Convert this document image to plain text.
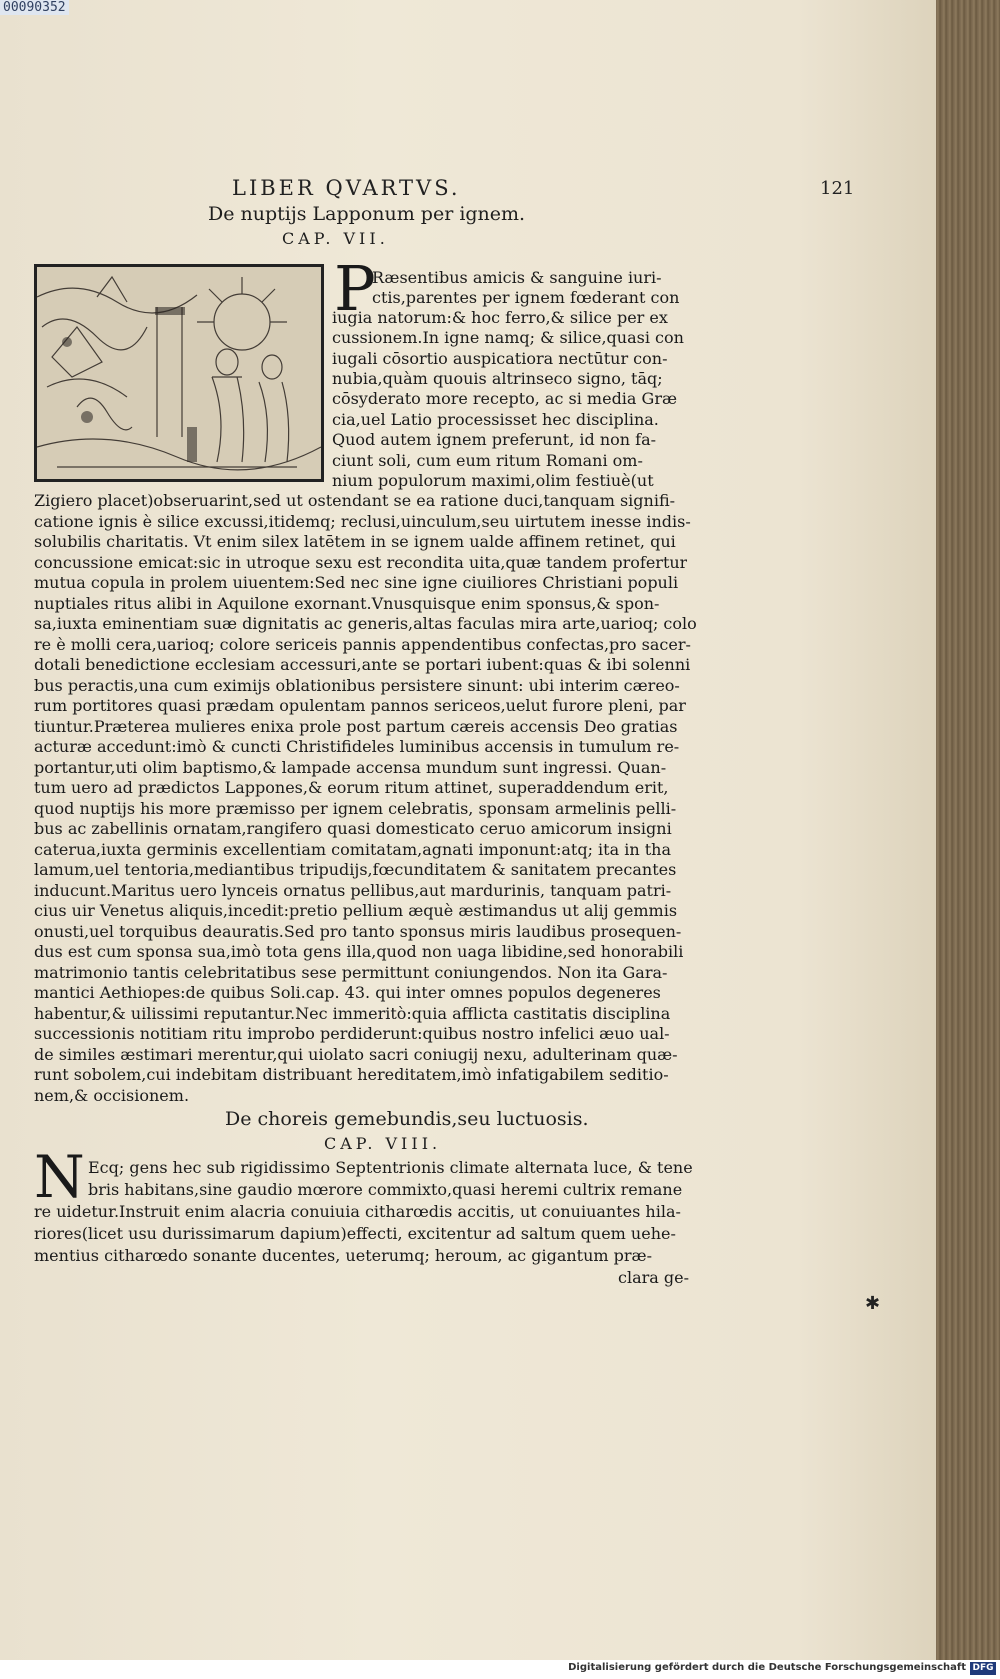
00090352
LIBER QVARTVS.	121
De nuptijs Lapponum per ignem.
CAP. VII.
P
Ræsentibus amicis & sanguine iuri-
ctis,parentes per ignem fœderant con
iugia natorum:& hoc ferro,& silice per ex
cussionem.In igne namq; & silice,quasi con
iugali cōsortio auspicatiora nectūtur con-
nubia,quàm quouis altrinseco signo, tāq;
cōsyderato more recepto, ac si media Græ
cia,uel Latio processisset hec disciplina.
Quod autem ignem preferunt, id non fa-
ciunt soli, cum eum ritum Romani om-
nium populorum maximi,olim festiuè(ut
Zigiero placet)obseruarint,sed ut ostendant se ea ratione duci,tanquam signifi-
catione ignis è silice excussi,itidemq; reclusi,uinculum,seu uirtutem inesse indis-
solubilis charitatis. Vt enim silex latētem in se ignem ualde affinem retinet, qui
concussione emicat:sic in utroque sexu est recondita uita,quæ tandem profertur
mutua copula in prolem uiuentem:Sed nec sine igne ciuiliores Christiani populi
nuptiales ritus alibi in Aquilone exornant.Vnusquisque enim sponsus,& spon-
sa,iuxta eminentiam suæ dignitatis ac generis,altas faculas mira arte,uarioq; colo
re è molli cera,uarioq; colore sericeis pannis appendentibus confectas,pro sacer-
dotali benedictione ecclesiam accessuri,ante se portari iubent:quas & ibi solenni
bus peractis,una cum eximijs oblationibus persistere sinunt: ubi interim cæreo-
rum portitores quasi prædam opulentam pannos sericeos,uelut furore pleni, par
tiuntur.Præterea mulieres enixa prole post partum cæreis accensis Deo gratias
acturæ accedunt:imò & cuncti Christifideles luminibus accensis in tumulum re-
portantur,uti olim baptismo,& lampade accensa mundum sunt ingressi. Quan-
tum uero ad prædictos Lappones,& eorum ritum attinet, superaddendum erit,
quod nuptijs his more præmisso per ignem celebratis, sponsam armelinis pelli-
bus ac zabellinis ornatam,rangifero quasi domesticato ceruo amicorum insigni
caterua,iuxta germinis excellentiam comitatam,agnati imponunt:atq; ita in tha
lamum,uel tentoria,mediantibus tripudijs,fœcunditatem & sanitatem precantes
inducunt.Maritus uero lynceis ornatus pellibus,aut mardurinis, tanquam patri-
cius uir Venetus aliquis,incedit:pretio pellium æquè æstimandus ut alij gemmis
onusti,uel torquibus deauratis.Sed pro tanto sponsus miris laudibus prosequen-
dus est cum sponsa sua,imò tota gens illa,quod non uaga libidine,sed honorabili
matrimonio tantis celebritatibus sese permittunt coniungendos. Non ita Gara-
mantici Aethiopes:de quibus Soli.cap. 43. qui inter omnes populos degeneres
habentur,& uilissimi reputantur.Nec immeritò:quia afflicta castitatis disciplina
successionis notitiam ritu improbo perdiderunt:quibus nostro infelici æuo ual-
de similes æstimari merentur,qui uiolato sacri coniugij nexu, adulterinam quæ-
runt sobolem,cui indebitam distribuant hereditatem,imò infatigabilem seditio-
nem,& occisionem.
De choreis gemebundis,seu luctuosis.
CAP. VIII.
N Ecq; gens hec sub rigidissimo Septentrionis climate alternata luce, & tene
bris habitans,sine gaudio mœrore commixto,quasi heremi cultrix remane
re uidetur.Instruit enim alacria conuiuia citharœdis accitis, ut conuiuantes hila-
riores(licet usu durissimarum dapium)effecti, excitentur ad saltum quem uehe-
mentius citharœdo sonante ducentes, ueterumq; heroum, ac gigantum præ-
clara ge-
✱
Digitalisierung gefördert durch die Deutsche Forschungsgemeinschaft DFG
